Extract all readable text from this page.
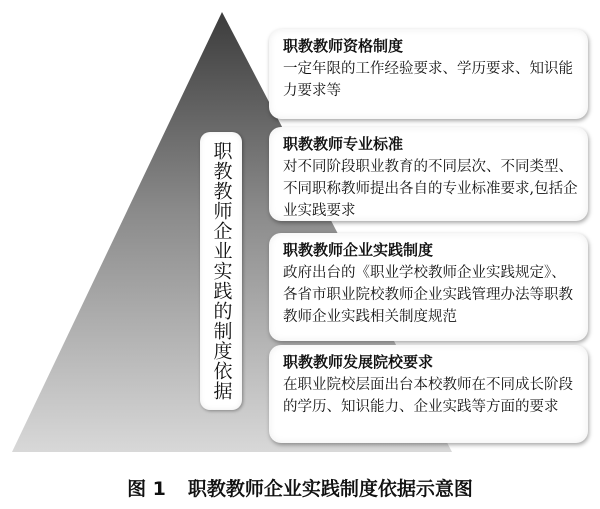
职教教师企业实践的制度依据
职教教师资格制度
一定年限的工作经验要求、学历要求、知识能力要求等
职教教师专业标准
对不同阶段职业教育的不同层次、不同类型、不同职称教师提出各自的专业标准要求,包括企业实践要求
职教教师企业实践制度
政府出台的《职业学校教师企业实践规定》、各省市职业院校教师企业实践管理办法等职教教师企业实践相关制度规范
职教教师发展院校要求
在职业院校层面出台本校教师在不同成长阶段的学历、知识能力、企业实践等方面的要求
图 1 职教教师企业实践制度依据示意图
